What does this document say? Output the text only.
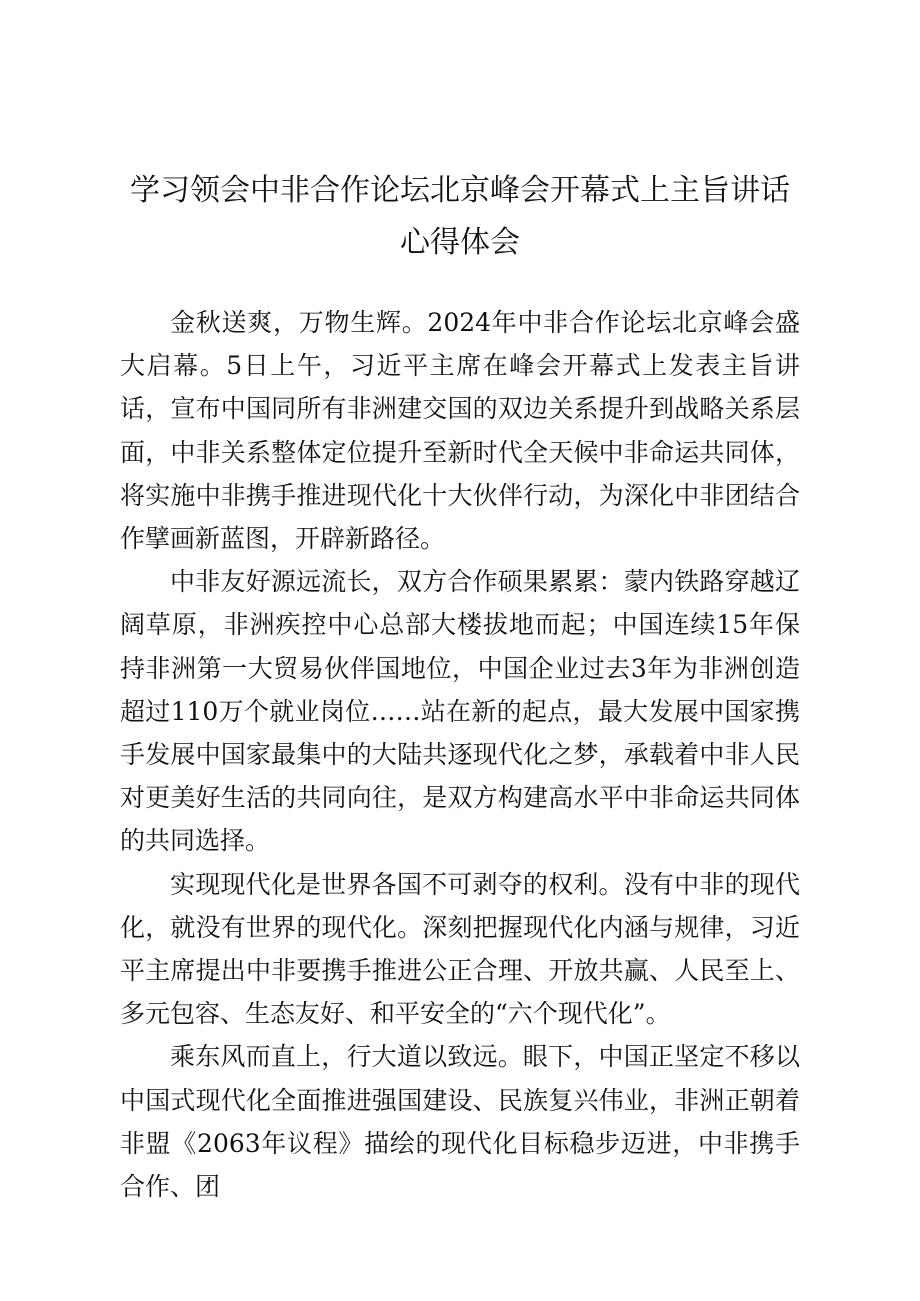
学习领会中非合作论坛北京峰会开幕式上主旨讲话心得体会

金秋送爽，万物生辉。2024年中非合作论坛北京峰会盛大启幕。5日上午，习近平主席在峰会开幕式上发表主旨讲话，宣布中国同所有非洲建交国的双边关系提升到战略关系层面，中非关系整体定位提升至新时代全天候中非命运共同体，将实施中非携手推进现代化十大伙伴行动，为深化中非团结合作擘画新蓝图，开辟新路径。

中非友好源远流长，双方合作硕果累累：蒙内铁路穿越辽阔草原，非洲疾控中心总部大楼拔地而起；中国连续15年保持非洲第一大贸易伙伴国地位，中国企业过去3年为非洲创造超过110万个就业岗位……站在新的起点，最大发展中国家携手发展中国家最集中的大陆共逐现代化之梦，承载着中非人民对更美好生活的共同向往，是双方构建高水平中非命运共同体的共同选择。

实现现代化是世界各国不可剥夺的权利。没有中非的现代化，就没有世界的现代化。深刻把握现代化内涵与规律，习近平主席提出中非要携手推进公正合理、开放共赢、人民至上、多元包容、生态友好、和平安全的“六个现代化”。

乘东风而直上，行大道以致远。眼下，中国正坚定不移以中国式现代化全面推进强国建设、民族复兴伟业，非洲正朝着非盟《2063年议程》描绘的现代化目标稳步迈进，中非携手合作、团
